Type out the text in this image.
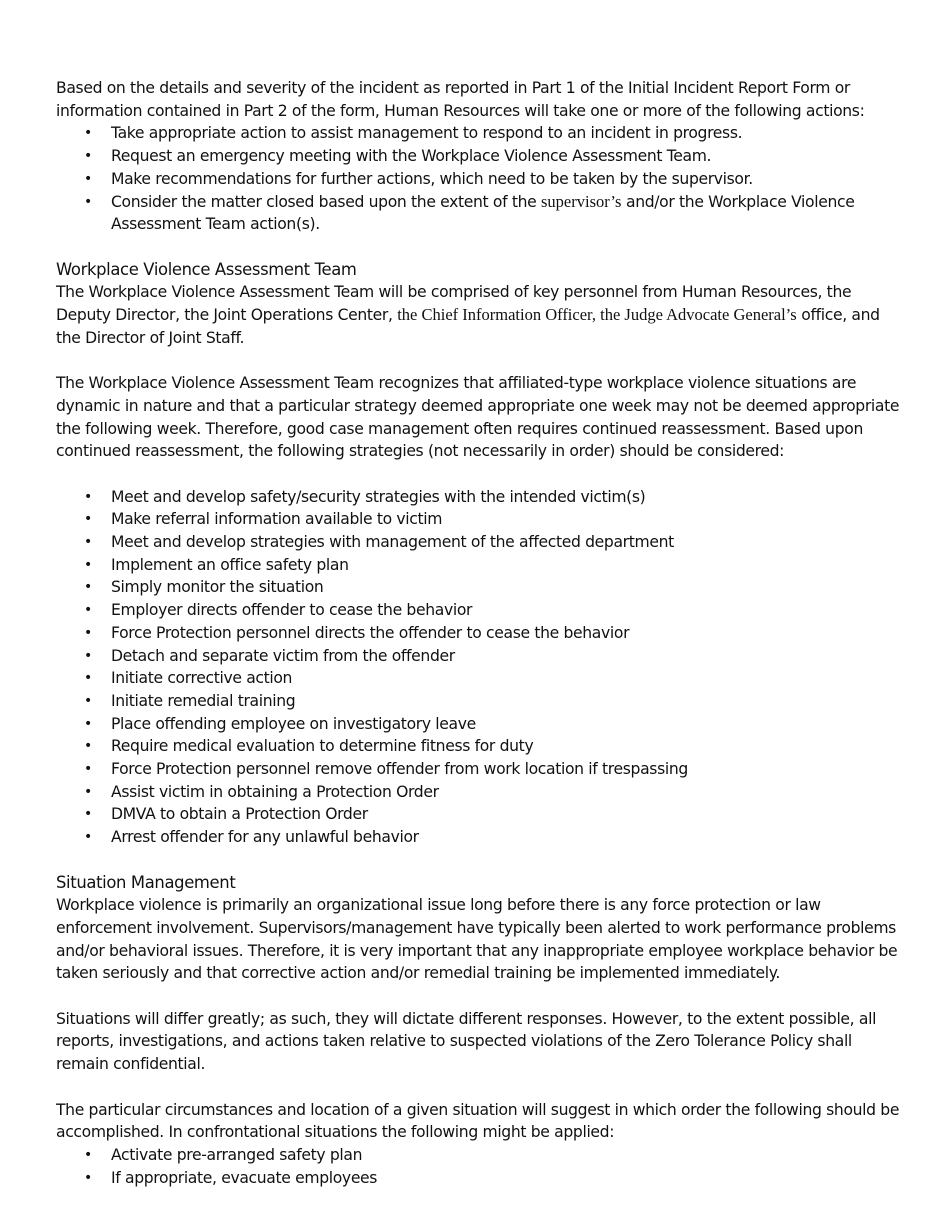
Based on the details and severity of the incident as reported in Part 1 of the Initial Incident Report Form or information contained in Part 2 of the form, Human Resources will take one or more of the following actions:

• Take appropriate action to assist management to respond to an incident in progress.
• Request an emergency meeting with the Workplace Violence Assessment Team.
• Make recommendations for further actions, which need to be taken by the supervisor.
• Consider the matter closed based upon the extent of the supervisor’s and/or the Workplace Violence Assessment Team action(s).
Workplace Violence Assessment Team

The Workplace Violence Assessment Team will be comprised of key personnel from Human Resources, the Deputy Director, the Joint Operations Center, the Chief Information Officer, the Judge Advocate General’s office, and the Director of Joint Staff.

The Workplace Violence Assessment Team recognizes that affiliated-type workplace violence situations are dynamic in nature and that a particular strategy deemed appropriate one week may not be deemed appropriate the following week. Therefore, good case management often requires continued reassessment. Based upon continued reassessment, the following strategies (not necessarily in order) should be considered:

• Meet and develop safety/security strategies with the intended victim(s)
• Make referral information available to victim
• Meet and develop strategies with management of the affected department
• Implement an office safety plan
• Simply monitor the situation
• Employer directs offender to cease the behavior
• Force Protection personnel directs the offender to cease the behavior
• Detach and separate victim from the offender
• Initiate corrective action
• Initiate remedial training
• Place offending employee on investigatory leave
• Require medical evaluation to determine fitness for duty
• Force Protection personnel remove offender from work location if trespassing
• Assist victim in obtaining a Protection Order
• DMVA to obtain a Protection Order
• Arrest offender for any unlawful behavior
Situation Management

Workplace violence is primarily an organizational issue long before there is any force protection or law enforcement involvement. Supervisors/management have typically been alerted to work performance problems and/or behavioral issues. Therefore, it is very important that any inappropriate employee workplace behavior be taken seriously and that corrective action and/or remedial training be implemented immediately.

Situations will differ greatly; as such, they will dictate different responses. However, to the extent possible, all reports, investigations, and actions taken relative to suspected violations of the Zero Tolerance Policy shall remain confidential.

The particular circumstances and location of a given situation will suggest in which order the following should be accomplished. In confrontational situations the following might be applied:

• Activate pre-arranged safety plan
• If appropriate, evacuate employees
